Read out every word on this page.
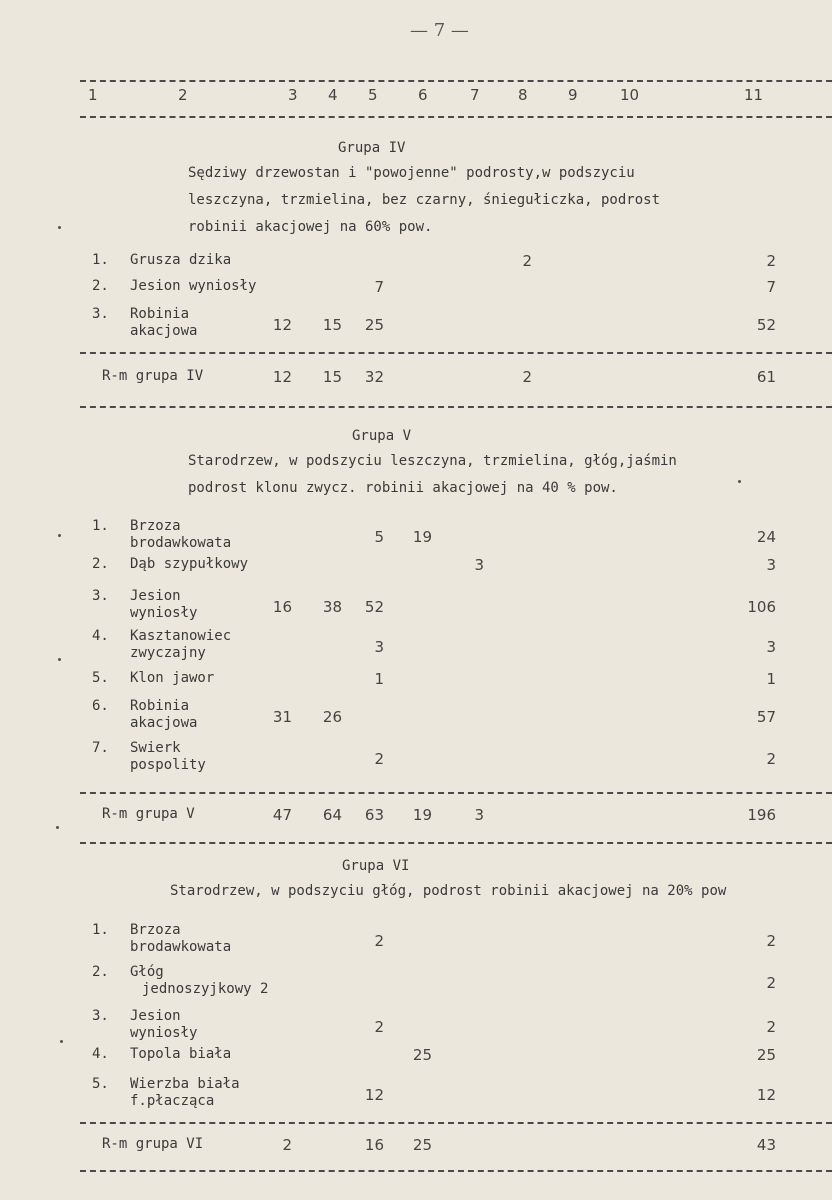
— 7 —
1	2	3 4 5	6	7	8	9	10	11
Grupa IV
Sędziwy drzewostan i "powojenne" podrosty,w podszyciu
leszczyna, trzmielina, bez czarny, śniegułiczka, podrost
robinii akacjowej na 60% pow.
1. Grusza dzika	2	2
2. Jesion wyniosły	7	7
3. Robinia
akacjowa	12 15 25	52
R-m grupa IV	12 15 32	2	61
Grupa V
Starodrzew, w podszyciu leszczyna, trzmielina, głóg,jaśmin
podrost klonu zwycz. robinii akacjowej na 40 % pow.
1. Brzoza
brodawkowata	5 19	24
2. Dąb szypułkowy	3	3
3. Jesion
wyniosły	16 38 52	106
4. Kasztanowiec
zwyczajny	3	3
5. Klon jawor	1	1
6. Robinia
akacjowa	31 26	57
7. Swierk
pospolity	2	2
R-m grupa V	47 64 63 19	3	196
Grupa VI
Starodrzew, w podszyciu głóg, podrost robinii akacjowej na 20% pow
1. Brzoza
brodawkowata	2	2
2. Głóg
jednoszyjkowy 2	2
3. Jesion
wyniosły	2	2
4. Topola biała	25	25
5. Wierzba biała
f.płacząca	12	12
R-m grupa VI	2	16 25	43
